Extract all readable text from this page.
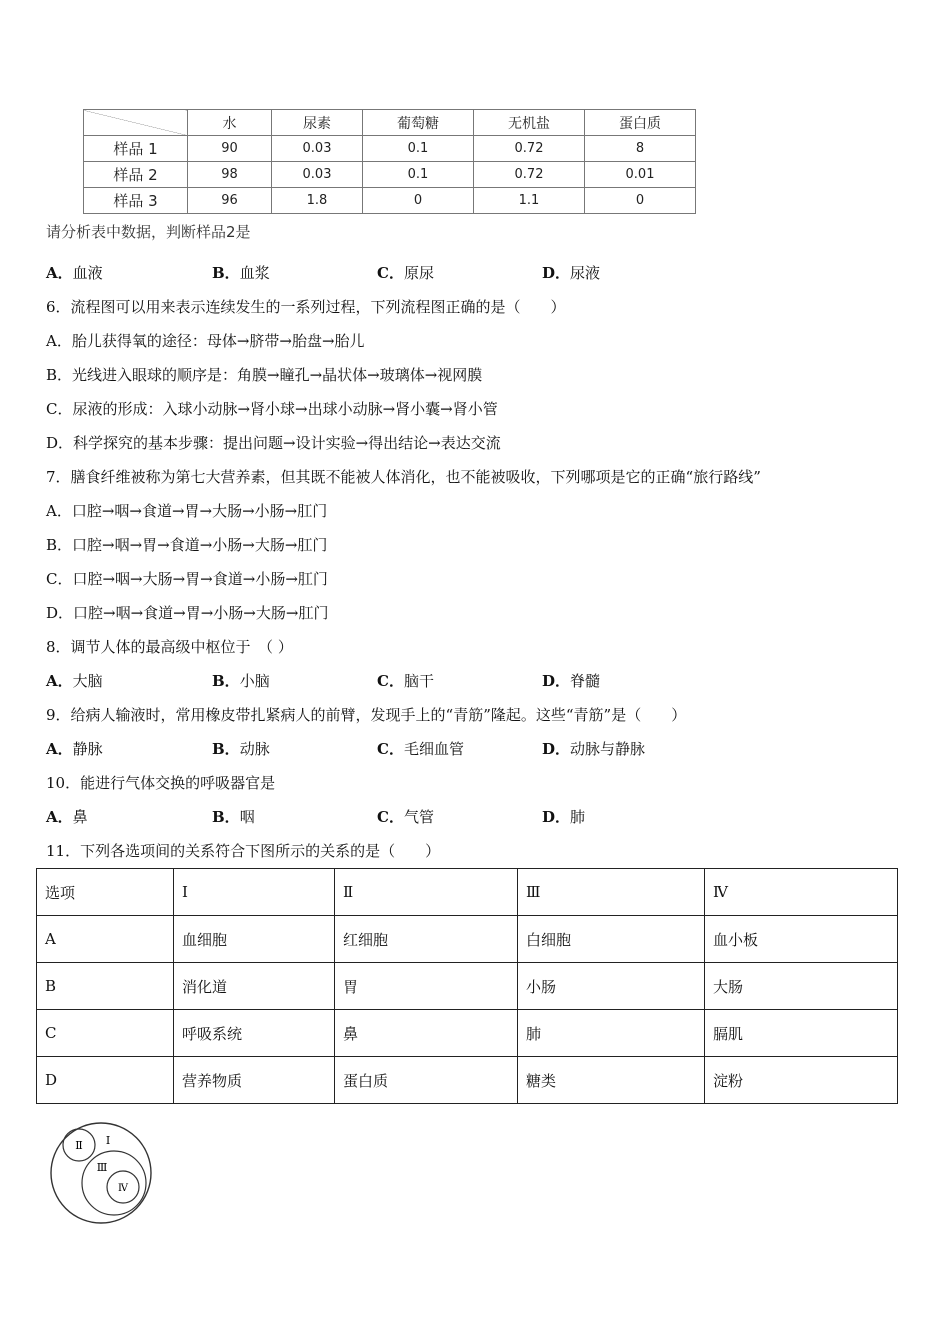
	水	尿素	葡萄糖	无机盐	蛋白质
样品 1	90	0.03	0.1	0.72	8
样品 2	98	0.03	0.1	0.72	0.01
样品 3	96	1.8	0	1.1	0
请分析表中数据，判断样品2是
A．血液	B．血浆	C．原尿	D．尿液
6．流程图可以用来表示连续发生的一系列过程，下列流程图正确的是（　　）
A．胎儿获得氧的途径：母体→脐带→胎盘→胎儿
B．光线进入眼球的顺序是：角膜→瞳孔→晶状体→玻璃体→视网膜
C．尿液的形成：入球小动脉→肾小球→出球小动脉→肾小囊→肾小管
D．科学探究的基本步骤：提出问题→设计实验→得出结论→表达交流
7．膳食纤维被称为第七大营养素，但其既不能被人体消化，也不能被吸收，下列哪项是它的正确“旅行路线”
A．口腔→咽→食道→胃→大肠→小肠→肛门
B．口腔→咽→胃→食道→小肠→大肠→肛门
C．口腔→咽→大肠→胃→食道→小肠→肛门
D．口腔→咽→食道→胃→小肠→大肠→肛门
8．调节人体的最高级中枢位于　（ ）
A．大脑	B．小脑	C．脑干	D．脊髓
9．给病人输液时，常用橡皮带扎紧病人的前臂，发现手上的“青筋”隆起。这些“青筋”是（　　）
A．静脉	B．动脉	C．毛细血管	D．动脉与静脉
10．能进行气体交换的呼吸器官是
A．鼻	B．咽	C．气管	D．肺
11．下列各选项间的关系符合下图所示的关系的是（　　）
选项	Ⅰ	Ⅱ	Ⅲ	Ⅳ
A	血细胞	红细胞	白细胞	血小板
B	消化道	胃	小肠	大肠
C	呼吸系统	鼻	肺	膈肌
D	营养物质	蛋白质	糖类	淀粉
Ⅱ Ⅰ
Ⅲ
Ⅳ
